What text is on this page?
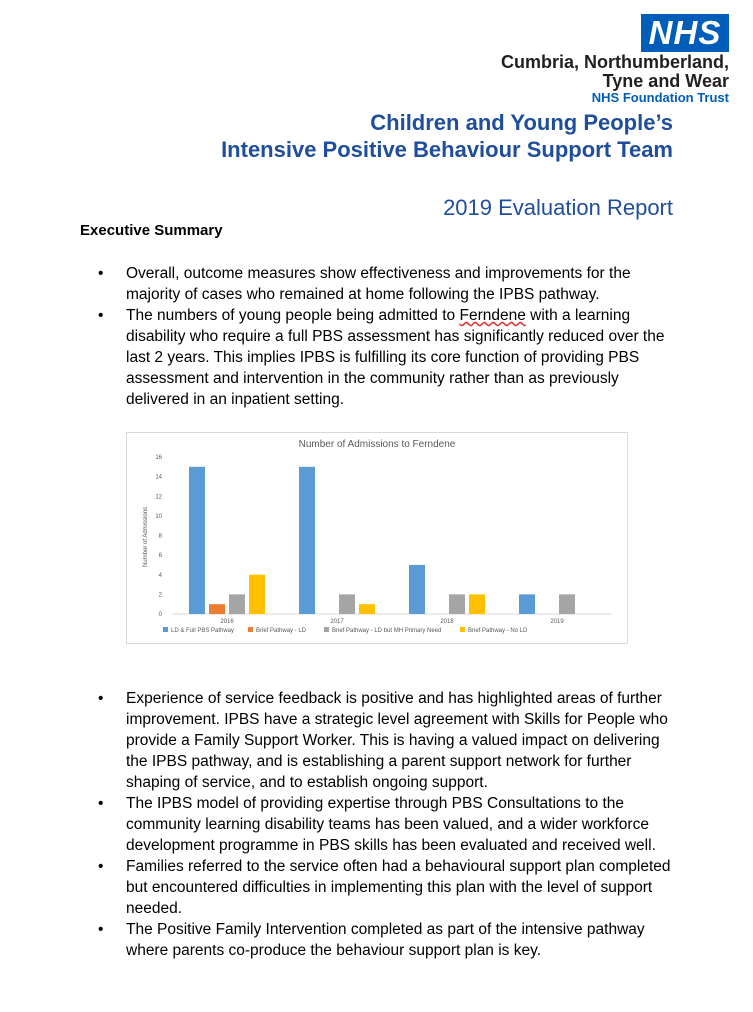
NHS
Cumbria, Northumberland,
Tyne and Wear
NHS Foundation Trust
Children and Young People’s
Intensive Positive Behaviour Support Team
2019 Evaluation Report
Executive Summary
•	Overall, outcome measures show effectiveness and improvements for the majority of cases who remained at home following the IPBS pathway.
•	The numbers of young people being admitted to Ferndene with a learning disability who require a full PBS assessment has significantly reduced over the last 2 years. This implies IPBS is fulfilling its core function of providing PBS assessment and intervention in the community rather than as previously delivered in an inpatient setting.
Number of Admissions to Ferndene
Number of Admissions
0
2
4
6
8
10
12
14
16
2016	2017	2018	2019
LD & Full PBS Pathway	Brief Pathway - LD	Brief Pathway - LD but MH Primary Need	Brief Pathway - No LD
•	Experience of service feedback is positive and has highlighted areas of further improvement. IPBS have a strategic level agreement with Skills for People who provide a Family Support Worker. This is having a valued impact on delivering the IPBS pathway, and is establishing a parent support network for further shaping of service, and to establish ongoing support.
•	The IPBS model of providing expertise through PBS Consultations to the community learning disability teams has been valued, and a wider workforce development programme in PBS skills has been evaluated and received well.
•	Families referred to the service often had a behavioural support plan completed but encountered difficulties in implementing this plan with the level of support needed.
•	The Positive Family Intervention completed as part of the intensive pathway where parents co-produce the behaviour support plan is key.
